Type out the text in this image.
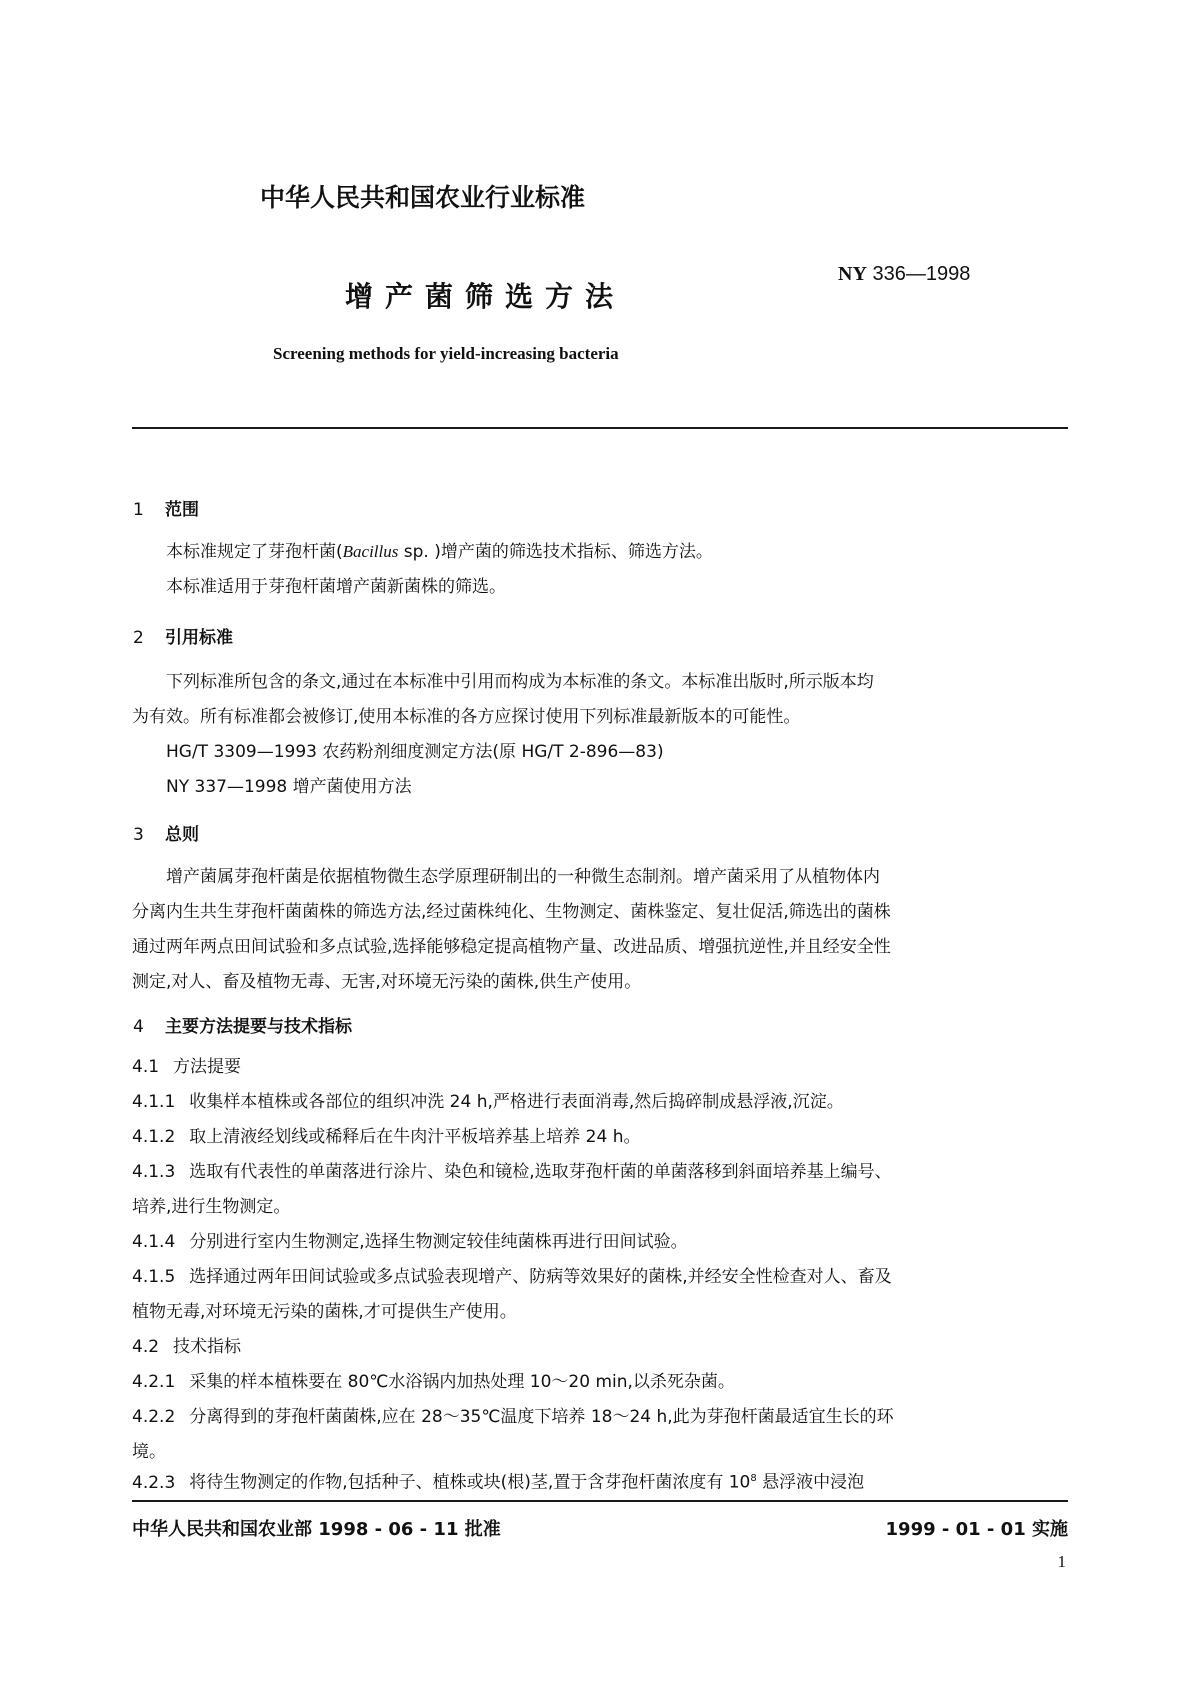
中华人民共和国农业行业标准
增产菌筛选方法
NY 336—1998
Screening methods for yield-increasing bacteria
1 范围
本标准规定了芽孢杆菌(Bacillus sp. )增产菌的筛选技术指标、筛选方法。
本标准适用于芽孢杆菌增产菌新菌株的筛选。
2 引用标准
下列标准所包含的条文,通过在本标准中引用而构成为本标准的条文。本标准出版时,所示版本均
为有效。所有标准都会被修订,使用本标准的各方应探讨使用下列标准最新版本的可能性。
HG/T 3309—1993 农药粉剂细度测定方法(原 HG/T 2-896—83)
NY 337—1998 增产菌使用方法
3 总则
增产菌属芽孢杆菌是依据植物微生态学原理研制出的一种微生态制剂。增产菌采用了从植物体内
分离内生共生芽孢杆菌菌株的筛选方法,经过菌株纯化、生物测定、菌株鉴定、复壮促活,筛选出的菌株
通过两年两点田间试验和多点试验,选择能够稳定提高植物产量、改进品质、增强抗逆性,并且经安全性
测定,对人、畜及植物无毒、无害,对环境无污染的菌株,供生产使用。
4 主要方法提要与技术指标
4.1 方法提要
4.1.1 收集样本植株或各部位的组织冲洗 24 h,严格进行表面消毒,然后捣碎制成悬浮液,沉淀。
4.1.2 取上清液经划线或稀释后在牛肉汁平板培养基上培养 24 h。
4.1.3 选取有代表性的单菌落进行涂片、染色和镜检,选取芽孢杆菌的单菌落移到斜面培养基上编号、
培养,进行生物测定。
4.1.4 分别进行室内生物测定,选择生物测定较佳纯菌株再进行田间试验。
4.1.5 选择通过两年田间试验或多点试验表现增产、防病等效果好的菌株,并经安全性检查对人、畜及
植物无毒,对环境无污染的菌株,才可提供生产使用。
4.2 技术指标
4.2.1 采集的样本植株要在 80℃水浴锅内加热处理 10～20 min,以杀死杂菌。
4.2.2 分离得到的芽孢杆菌菌株,应在 28～35℃温度下培养 18～24 h,此为芽孢杆菌最适宜生长的环
境。
4.2.3 将待生物测定的作物,包括种子、植株或块(根)茎,置于含芽孢杆菌浓度有 $10^8$ 悬浮液中浸泡
中华人民共和国农业部 1998 - 06 - 11 批准	1999 - 01 - 01 实施
1
